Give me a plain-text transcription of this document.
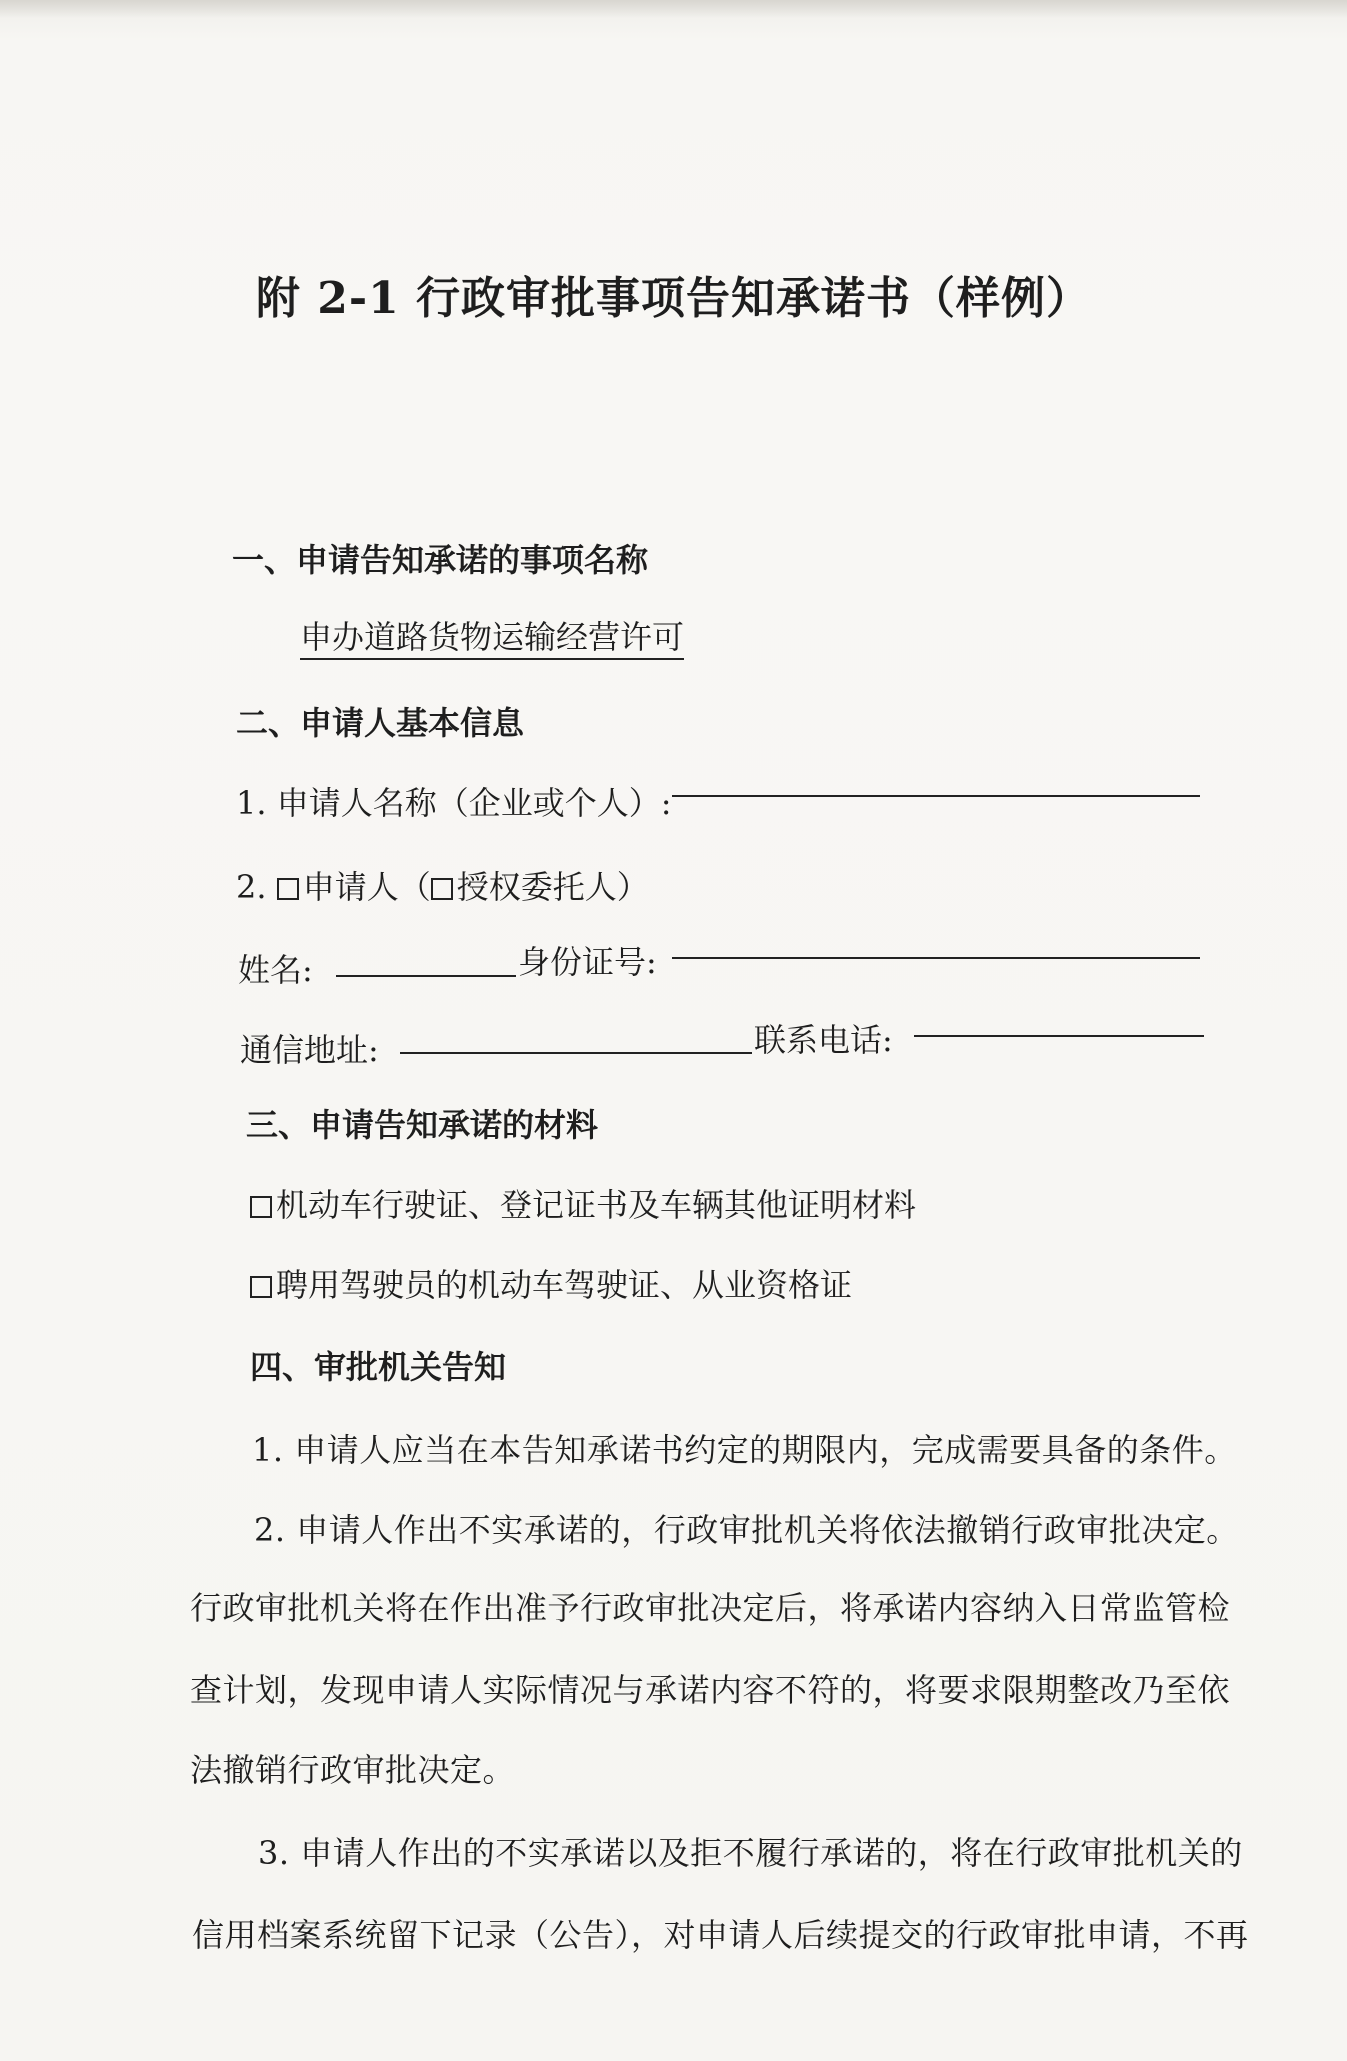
附 2-1 行政审批事项告知承诺书（样例）
一、申请告知承诺的事项名称
申办道路货物运输经营许可
二、申请人基本信息
1. 申请人名称（企业或个人）:
2. 申请人（ 授权委托人）
姓名:	身份证号:
通信地址:	联系电话:
三、申请告知承诺的材料
机动车行驶证、登记证书及车辆其他证明材料
聘用驾驶员的机动车驾驶证、从业资格证
四、审批机关告知
1. 申请人应当在本告知承诺书约定的期限内，完成需要具备的条件。
2. 申请人作出不实承诺的，行政审批机关将依法撤销行政审批决定。
行政审批机关将在作出准予行政审批决定后，将承诺内容纳入日常监管检
查计划，发现申请人实际情况与承诺内容不符的，将要求限期整改乃至依
法撤销行政审批决定。
3. 申请人作出的不实承诺以及拒不履行承诺的，将在行政审批机关的
信用档案系统留下记录（公告），对申请人后续提交的行政审批申请，不再
